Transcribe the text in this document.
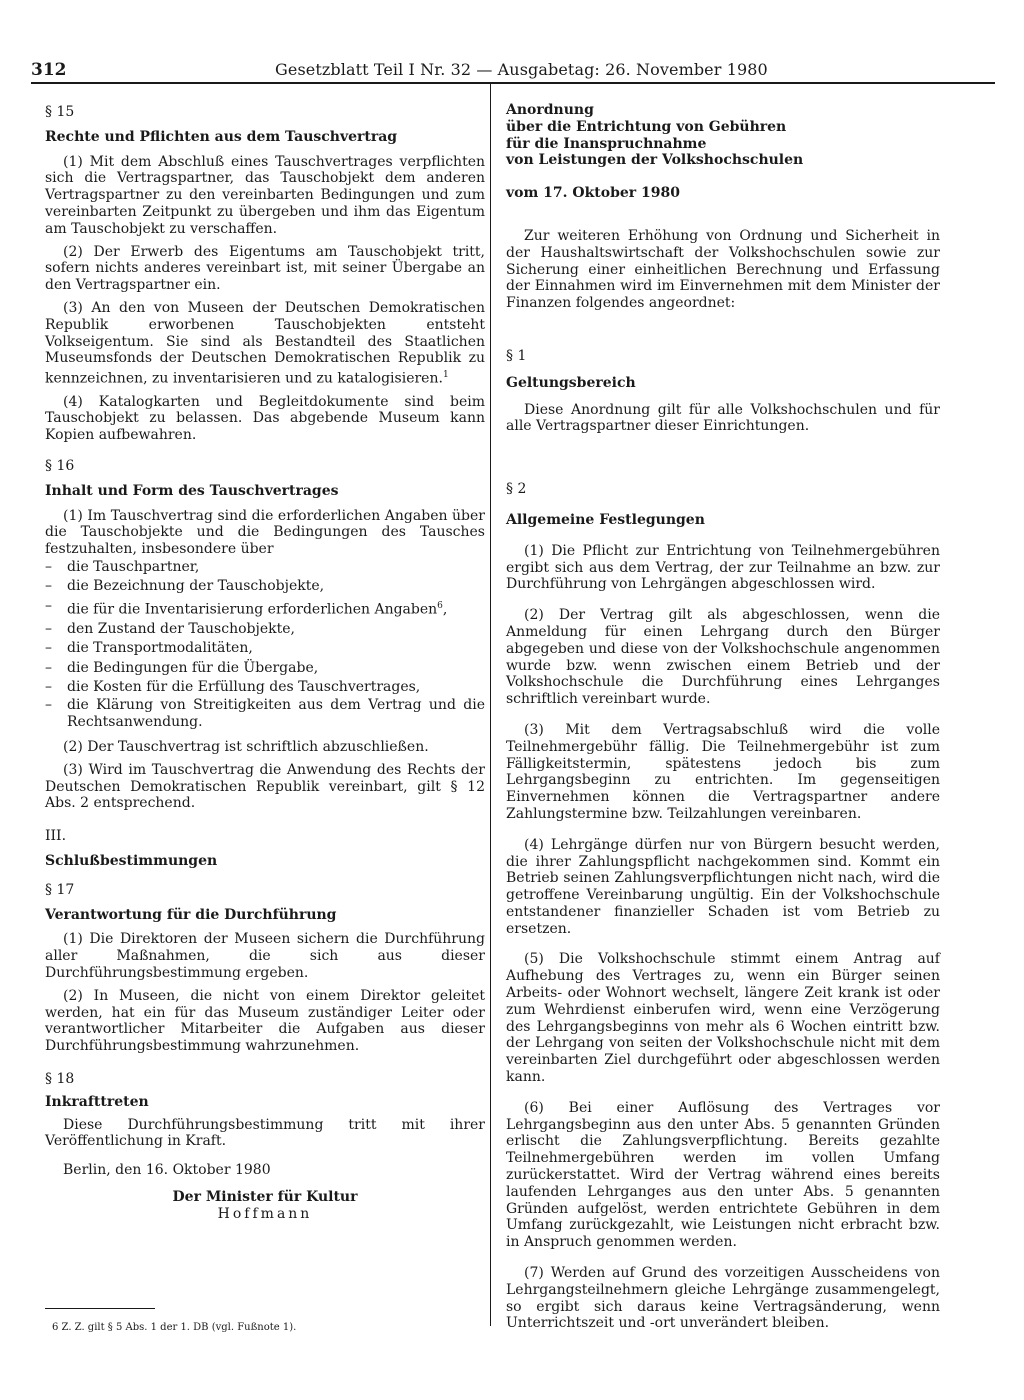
312	Gesetzblatt Teil I Nr. 32 — Ausgabetag: 26. November 1980

§ 15

Rechte und Pflichten aus dem Tauschvertrag

(1) Mit dem Abschluß eines Tauschvertrages verpflichten sich die Vertragspartner, das Tauschobjekt dem anderen Vertragspartner zu den vereinbarten Bedingungen und zum vereinbarten Zeitpunkt zu übergeben und ihm das Eigentum am Tauschobjekt zu verschaffen.

(2) Der Erwerb des Eigentums am Tauschobjekt tritt, sofern nichts anderes vereinbart ist, mit seiner Übergabe an den Vertragspartner ein.

(3) An den von Museen der Deutschen Demokratischen Republik erworbenen Tauschobjekten entsteht Volkseigentum. Sie sind als Bestandteil des Staatlichen Museumsfonds der Deutschen Demokratischen Republik zu kennzeichnen, zu inventarisieren und zu katalogisieren.$^1$

(4) Katalogkarten und Begleitdokumente sind beim Tauschobjekt zu belassen. Das abgebende Museum kann Kopien aufbewahren.

§ 16

Inhalt und Form des Tauschvertrages

(1) Im Tauschvertrag sind die erforderlichen Angaben über die Tauschobjekte und die Bedingungen des Tausches festzuhalten, insbesondere über

– die Tauschpartner,
– die Bezeichnung der Tauschobjekte,
– die für die Inventarisierung erforderlichen Angaben$^6$,
– den Zustand der Tauschobjekte,
– die Transportmodalitäten,
– die Bedingungen für die Übergabe,
– die Kosten für die Erfüllung des Tauschvertrages,
– die Klärung von Streitigkeiten aus dem Vertrag und die Rechtsanwendung.

(2) Der Tauschvertrag ist schriftlich abzuschließen.

(3) Wird im Tauschvertrag die Anwendung des Rechts der Deutschen Demokratischen Republik vereinbart, gilt § 12 Abs. 2 entsprechend.

III.

Schlußbestimmungen

§ 17

Verantwortung für die Durchführung

(1) Die Direktoren der Museen sichern die Durchführung aller Maßnahmen, die sich aus dieser Durchführungsbestimmung ergeben.

(2) In Museen, die nicht von einem Direktor geleitet werden, hat ein für das Museum zuständiger Leiter oder verantwortlicher Mitarbeiter die Aufgaben aus dieser Durchführungsbestimmung wahrzunehmen.

§ 18

Inkrafttreten

Diese Durchführungsbestimmung tritt mit ihrer Veröffentlichung in Kraft.

Berlin, den 16. Oktober 1980

Der Minister für Kultur

Hoffmann

6 Z. Z. gilt § 5 Abs. 1 der 1. DB (vgl. Fußnote 1).

Anordnung

über die Entrichtung von Gebühren

für die Inanspruchnahme

von Leistungen der Volkshochschulen

vom 17. Oktober 1980

Zur weiteren Erhöhung von Ordnung und Sicherheit in der Haushaltswirtschaft der Volkshochschulen sowie zur Sicherung einer einheitlichen Berechnung und Erfassung der Einnahmen wird im Einvernehmen mit dem Minister der Finanzen folgendes angeordnet:

§ 1

Geltungsbereich

Diese Anordnung gilt für alle Volkshochschulen und für alle Vertragspartner dieser Einrichtungen.

§ 2

Allgemeine Festlegungen

(1) Die Pflicht zur Entrichtung von Teilnehmergebühren ergibt sich aus dem Vertrag, der zur Teilnahme an bzw. zur Durchführung von Lehrgängen abgeschlossen wird.

(2) Der Vertrag gilt als abgeschlossen, wenn die Anmeldung für einen Lehrgang durch den Bürger abgegeben und diese von der Volkshochschule angenommen wurde bzw. wenn zwischen einem Betrieb und der Volkshochschule die Durchführung eines Lehrganges schriftlich vereinbart wurde.

(3) Mit dem Vertragsabschluß wird die volle Teilnehmergebühr fällig. Die Teilnehmergebühr ist zum Fälligkeitstermin, spätestens jedoch bis zum Lehrgangsbeginn zu entrichten. Im gegenseitigen Einvernehmen können die Vertragspartner andere Zahlungstermine bzw. Teilzahlungen vereinbaren.

(4) Lehrgänge dürfen nur von Bürgern besucht werden, die ihrer Zahlungspflicht nachgekommen sind. Kommt ein Betrieb seinen Zahlungsverpflichtungen nicht nach, wird die getroffene Vereinbarung ungültig. Ein der Volkshochschule entstandener finanzieller Schaden ist vom Betrieb zu ersetzen.

(5) Die Volkshochschule stimmt einem Antrag auf Aufhebung des Vertrages zu, wenn ein Bürger seinen Arbeits- oder Wohnort wechselt, längere Zeit krank ist oder zum Wehrdienst einberufen wird, wenn eine Verzögerung des Lehrgangsbeginns von mehr als 6 Wochen eintritt bzw. der Lehrgang von seiten der Volkshochschule nicht mit dem vereinbarten Ziel durchgeführt oder abgeschlossen werden kann.

(6) Bei einer Auflösung des Vertrages vor Lehrgangsbeginn aus den unter Abs. 5 genannten Gründen erlischt die Zahlungsverpflichtung. Bereits gezahlte Teilnehmergebühren werden im vollen Umfang zurückerstattet. Wird der Vertrag während eines bereits laufenden Lehrganges aus den unter Abs. 5 genannten Gründen aufgelöst, werden entrichtete Gebühren in dem Umfang zurückgezahlt, wie Leistungen nicht erbracht bzw. in Anspruch genommen werden.

(7) Werden auf Grund des vorzeitigen Ausscheidens von Lehrgangsteilnehmern gleiche Lehrgänge zusammengelegt, so ergibt sich daraus keine Vertragsänderung, wenn Unterrichtszeit und -ort unverändert bleiben.
